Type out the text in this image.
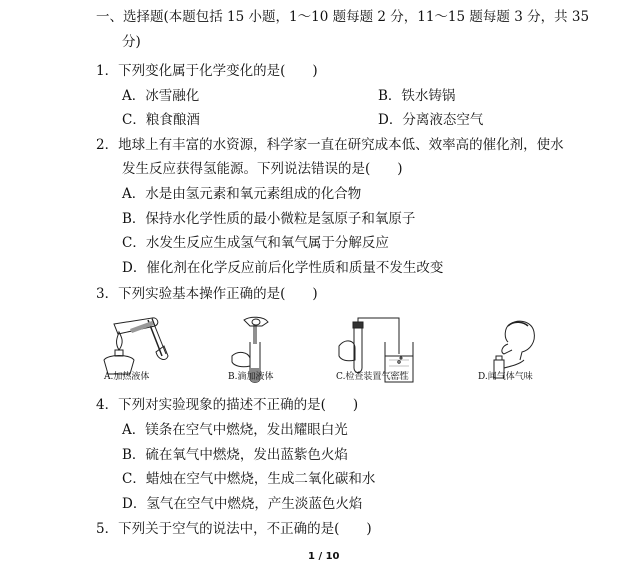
一、选择题(本题包括 15 小题，1～10 题每题 2 分，11～15 题每题 3 分，共 35
分)
1．下列变化属于化学变化的是(　　)
A．冰雪融化	B．铁水铸锅
C．粮食酿酒	D．分离液态空气
2．地球上有丰富的水资源，科学家一直在研究成本低、效率高的催化剂，使水
发生反应获得氢能源。下列说法错误的是(　　)
A．水是由氢元素和氧元素组成的化合物
B．保持水化学性质的最小微粒是氢原子和氧原子
C．水发生反应生成氢气和氧气属于分解反应
D．催化剂在化学反应前后化学性质和质量不发生改变
3．下列实验基本操作正确的是(　　)
A.加热液体	B.滴加液体	C.检查装置气密性	D.闻气体气味
4．下列对实验现象的描述不正确的是(　　)
A．镁条在空气中燃烧，发出耀眼白光
B．硫在氧气中燃烧，发出蓝紫色火焰
C．蜡烛在空气中燃烧，生成二氧化碳和水
D．氢气在空气中燃烧，产生淡蓝色火焰
5．下列关于空气的说法中，不正确的是(　　)
1 / 10
